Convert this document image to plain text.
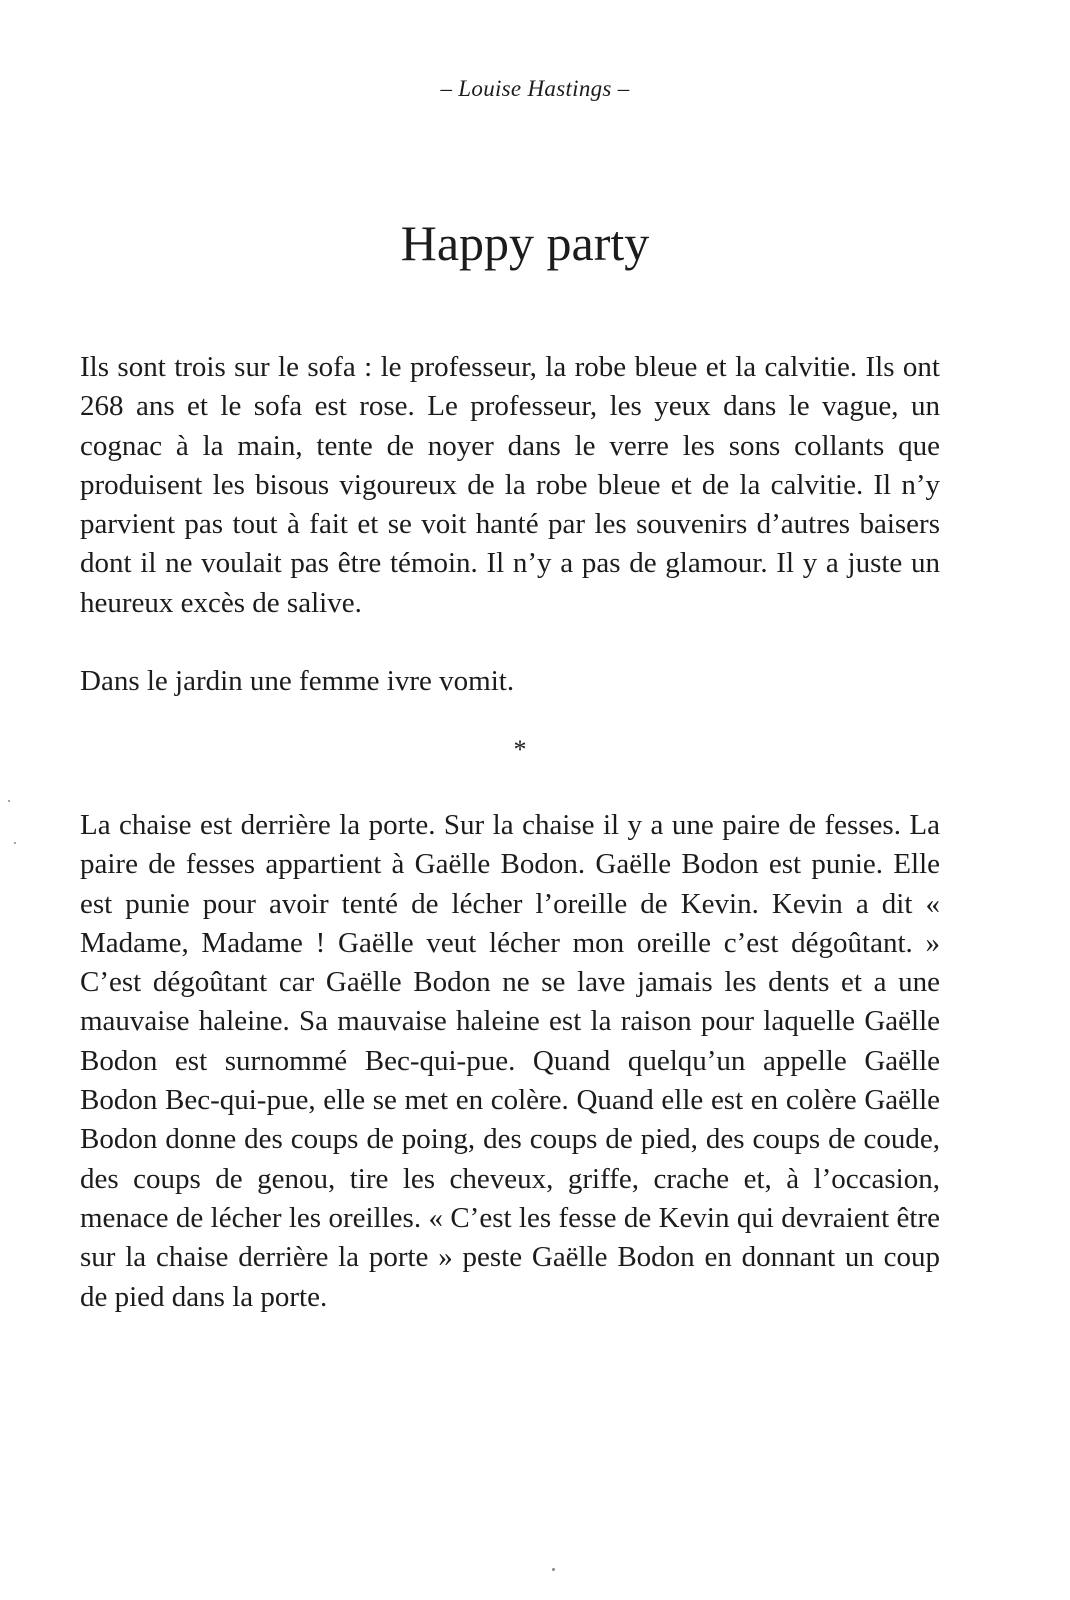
– Louise Hastings –
Happy party

Ils sont trois sur le sofa : le professeur, la robe bleue et la calvitie. Ils ont 268 ans et le sofa est rose. Le professeur, les yeux dans le vague, un cognac à la main, tente de noyer dans le verre les sons collants que produisent les bisous vigoureux de la robe bleue et de la calvitie. Il n’y parvient pas tout à fait et se voit hanté par les souvenirs d’autres baisers dont il ne voulait pas être témoin. Il n’y a pas de glamour. Il y a juste un heureux excès de salive.

Dans le jardin une femme ivre vomit.

*

La chaise est derrière la porte. Sur la chaise il y a une paire de fesses. La paire de fesses appartient à Gaëlle Bodon. Gaëlle Bodon est punie. Elle est punie pour avoir tenté de lécher l’oreille de Kevin. Kevin a dit « Madame, Madame ! Gaëlle veut lécher mon oreille c’est dégoûtant. » C’est dégoûtant car Gaëlle Bodon ne se lave jamais les dents et a une mauvaise haleine. Sa mauvaise haleine est la raison pour laquelle Gaëlle Bodon est surnommé Bec-qui-pue. Quand quelqu’un appelle Gaëlle Bodon Bec-qui-pue, elle se met en colère. Quand elle est en colère Gaëlle Bodon donne des coups de poing, des coups de pied, des coups de coude, des coups de genou, tire les cheveux, griffe, crache et, à l’occasion, menace de lécher les oreilles. « C’est les fesse de Kevin qui devraient être sur la chaise derrière la porte » peste Gaëlle Bodon en donnant un coup de pied dans la porte.
